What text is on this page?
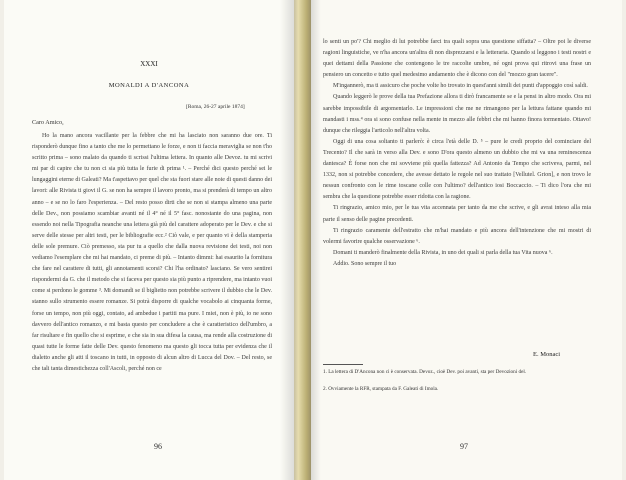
XXXI
MONALDI A D'ANCONA
[Roma, 26-27 aprile 1874]
Caro Amico,

Ho la mano ancora vacillante per la febbre che mi ha lasciato non saranno due ore. Ti risponderò dunque fino a tanto che me lo permettano le forze, e non ti faccia meraviglia se non t'ho scritto prima – sono malato da quando ti scrissi l'ultima lettera. In quanto alle Devoz. tu mi scrivi mi par di capire che tu non ci sia più tutta le furie di prima ¹. – Perché dici questo perché sei le lungaggini eterne di Galeati? Ma t'aspettavo per quel che sta fuori stare alle noie di questi danno dei lavori: alle Rivista ti giovi il G. se non ha sempre il lavoro pronto, ma si prenderà di tempo un altro anno – e se no lo faro l'esperienza. – Del resto posso dirti che se non si stampa almeno una parte delle Dev., non possiamo scambiar avanti né il 4° né il 5° fasc. nonostante do una pagina, non essendo noi nella Tipografia neanche una lettera già più del carattere adoperato per le Dev. e che si serve delle stesse per altri testi, per le bibliografie ecc.² Ciò vale, e per quanto vi è della stamperia delle sole premure. Ciò premesso, sta pur tu a quello che dalla nuova revisione dei testi, noi non vediamo l'esemplare che mi hai mandato, ci preme di più. – Intanto dimmi: hai esaurito la fornitura che fare nel carattere di tutti, gli annotamenti scorsi? Chi l'ha ordinato? lasciano. Se vero sentirei rispondermi da G. che il metodo che si faceva per questo sia più punto a riprendere, ma intanto vuoi come si perdono le gomme ³. Mi domandi se il biglietto non potrebbe scrivere il dubbio che le Dev. stanno sullo strumento essere romanze. Si potrà disporre di qualche vocabolo ai cinquanta forme, forse un tempo, non più oggi, contato, ad ambedue i partiti ma pure. I miei, non è più, io ne sono davvero dell'antico romanzo, e mi basta questo per concludere a che è caratteristico dell'umbro, a far risultare e fin quello che si esprime, e che sia in sua difesa la causa, ma rende alla costruzione di quasi tutte le forme fatte delle Dev. questo fenomeno ma questo gli tocca tutta per evidenza che il dialetto anche gli atti il toscano in tutti, in opposto di alcun altro di Lucca del Dov. – Del resto, se che tali tanta dimestichezza coll'Ascoli, perché non ce

96

lo senti un po'? Chi meglio di lui potrebbe farci tra quali sopra una questione siffatta? – Oltre poi le diverse ragioni linguistiche, ve n'ha ancora un'altra di non disprezzarsi e la letteraria. Quando si leggono i testi nostri e quei dettami della Passione che contengono le tre raccolte umbre, né ogni prova qui ritrovi una frase un pensiero un concetto e tutto quel medesimo andamento che è dicono con del "mozzo gran tacere".

M'ingannerò, ma ti assicuro che poche volte ho trovato in quest'anni simili dei punti d'appoggio così saldi.

Quando leggerò le prove della tua Prefazione allora ti dirò francamente se e la pensi in altro modo. Ora mi sarebbe impossibile di argomentarlo. Le impressioni che me ne rimangono per la lettura fattane quando mi mandasti i mss.⁴ ora si sono confuse nella mente in mezzo alle febbri che mi hanno finora tormentato. Ottavo! dunque che rileggia l'articolo nell'altra volta.

Oggi di una cosa soltanto ti parlerò: è circa l'età delle D. ⁵ – pure le credi proprio del cominciare del Trecento? Il che sarà in verso alla Dev. e sono D'ora questo almeno un dubbio che mi va una reminescenza dantesca? È forse non che mi sovviene più quella fattezza? Ad Antonio da Tempo che scriveva, parmi, nel 1332, non si potrebbe concedere, che avesse dettato le regole nel suo trattato [Vellutel. Grion], e non trovo le nessun confronto con le rime toscane colle con l'ultimo? dell'antico iosi Boccaccio. – Ti dico l'ora che mi sembra che la questione potrebbe esser ridotta con la ragione.

Ti ringrazio, amico mio, per le tua vita accennata per tanto da me che scrive, e gli avrai inteso alla mia parte il senso delle pagine precedenti.

Ti ringrazio caramente dell'estratto che m'hai mandato e più ancora dell'intenzione che mi mostri di volermi favorire qualche osservazione ⁶.

Domani ti manderò finalmente della Rivista, in uno dei quali si parla della tua Vita nuova ⁶.

Addio. Sono sempre il tuo

E. Monaci
1. La lettera di D'Ancona non ci è conservata. Devoz., cioè Dev. poi avanti, sta per Devozioni del.
2. Ovviamente la RFR, stampata da F. Galeati di Imola.
97
